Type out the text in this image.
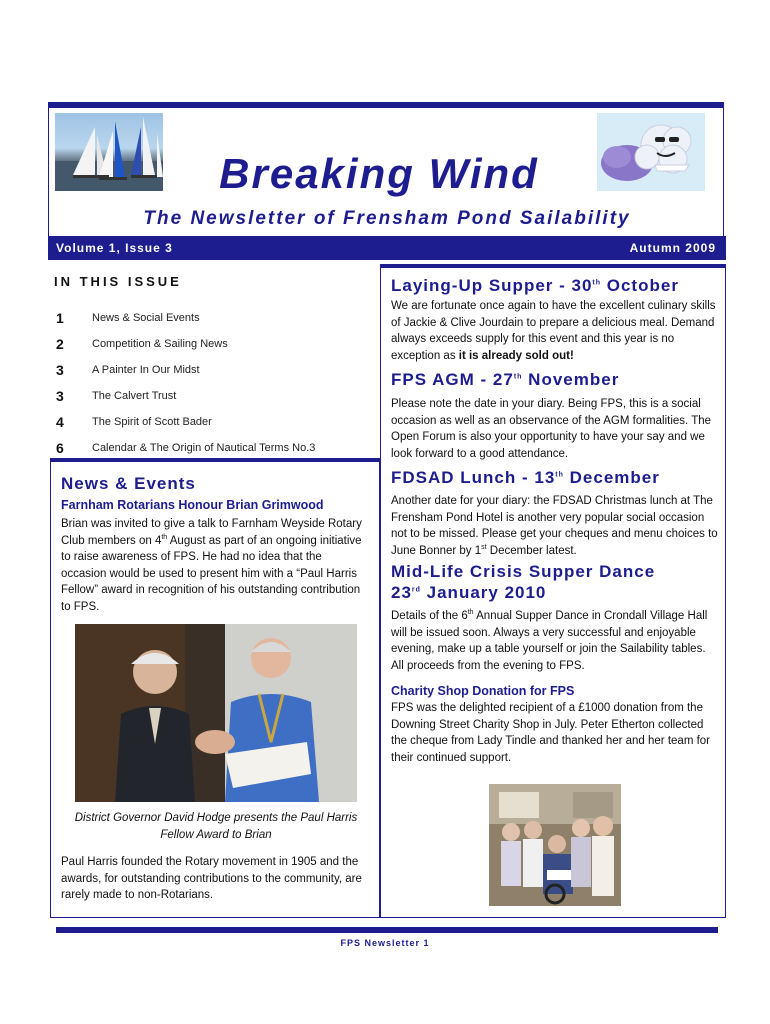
Breaking Wind
The Newsletter of Frensham Pond Sailability
Volume 1, Issue 3	Autumn 2009
IN THIS ISSUE
1	News & Social Events
2	Competition & Sailing News
3	A Painter In Our Midst
3	The Calvert Trust
4	The Spirit of Scott Bader
6	Calendar & The Origin of Nautical Terms No.3
News & Events
Farnham Rotarians Honour Brian Grimwood
Brian was invited to give a talk to Farnham Weyside Rotary Club members on 4th August as part of an ongoing initiative to raise awareness of FPS. He had no idea that the occasion would be used to present him with a “Paul Harris Fellow” award in recognition of his outstanding contribution to FPS.
District Governor David Hodge presents the Paul Harris Fellow Award to Brian
Paul Harris founded the Rotary movement in 1905 and the awards, for outstanding contributions to the community, are rarely made to non-Rotarians.
Laying-Up Supper - 30th October
We are fortunate once again to have the excellent culinary skills of Jackie & Clive Jourdain to prepare a delicious meal. Demand always exceeds supply for this event and this year is no exception as it is already sold out!
FPS AGM - 27th November
Please note the date in your diary. Being FPS, this is a social occasion as well as an observance of the AGM formalities. The Open Forum is also your opportunity to have your say and we look forward to a good attendance.
FDSAD Lunch - 13th December
Another date for your diary: the FDSAD Christmas lunch at The Frensham Pond Hotel is another very popular social occasion not to be missed. Please get your cheques and menu choices to June Bonner by 1st December latest.
Mid-Life Crisis Supper Dance
23rd January 2010
Details of the 6th Annual Supper Dance in Crondall Village Hall will be issued soon. Always a very successful and enjoyable evening, make up a table yourself or join the Sailability tables. All proceeds from the evening to FPS.
Charity Shop Donation for FPS
FPS was the delighted recipient of a £1000 donation from the Downing Street Charity Shop in July. Peter Etherton collected the cheque from Lady Tindle and thanked her and her team for their continued support.
FPS Newsletter 1
